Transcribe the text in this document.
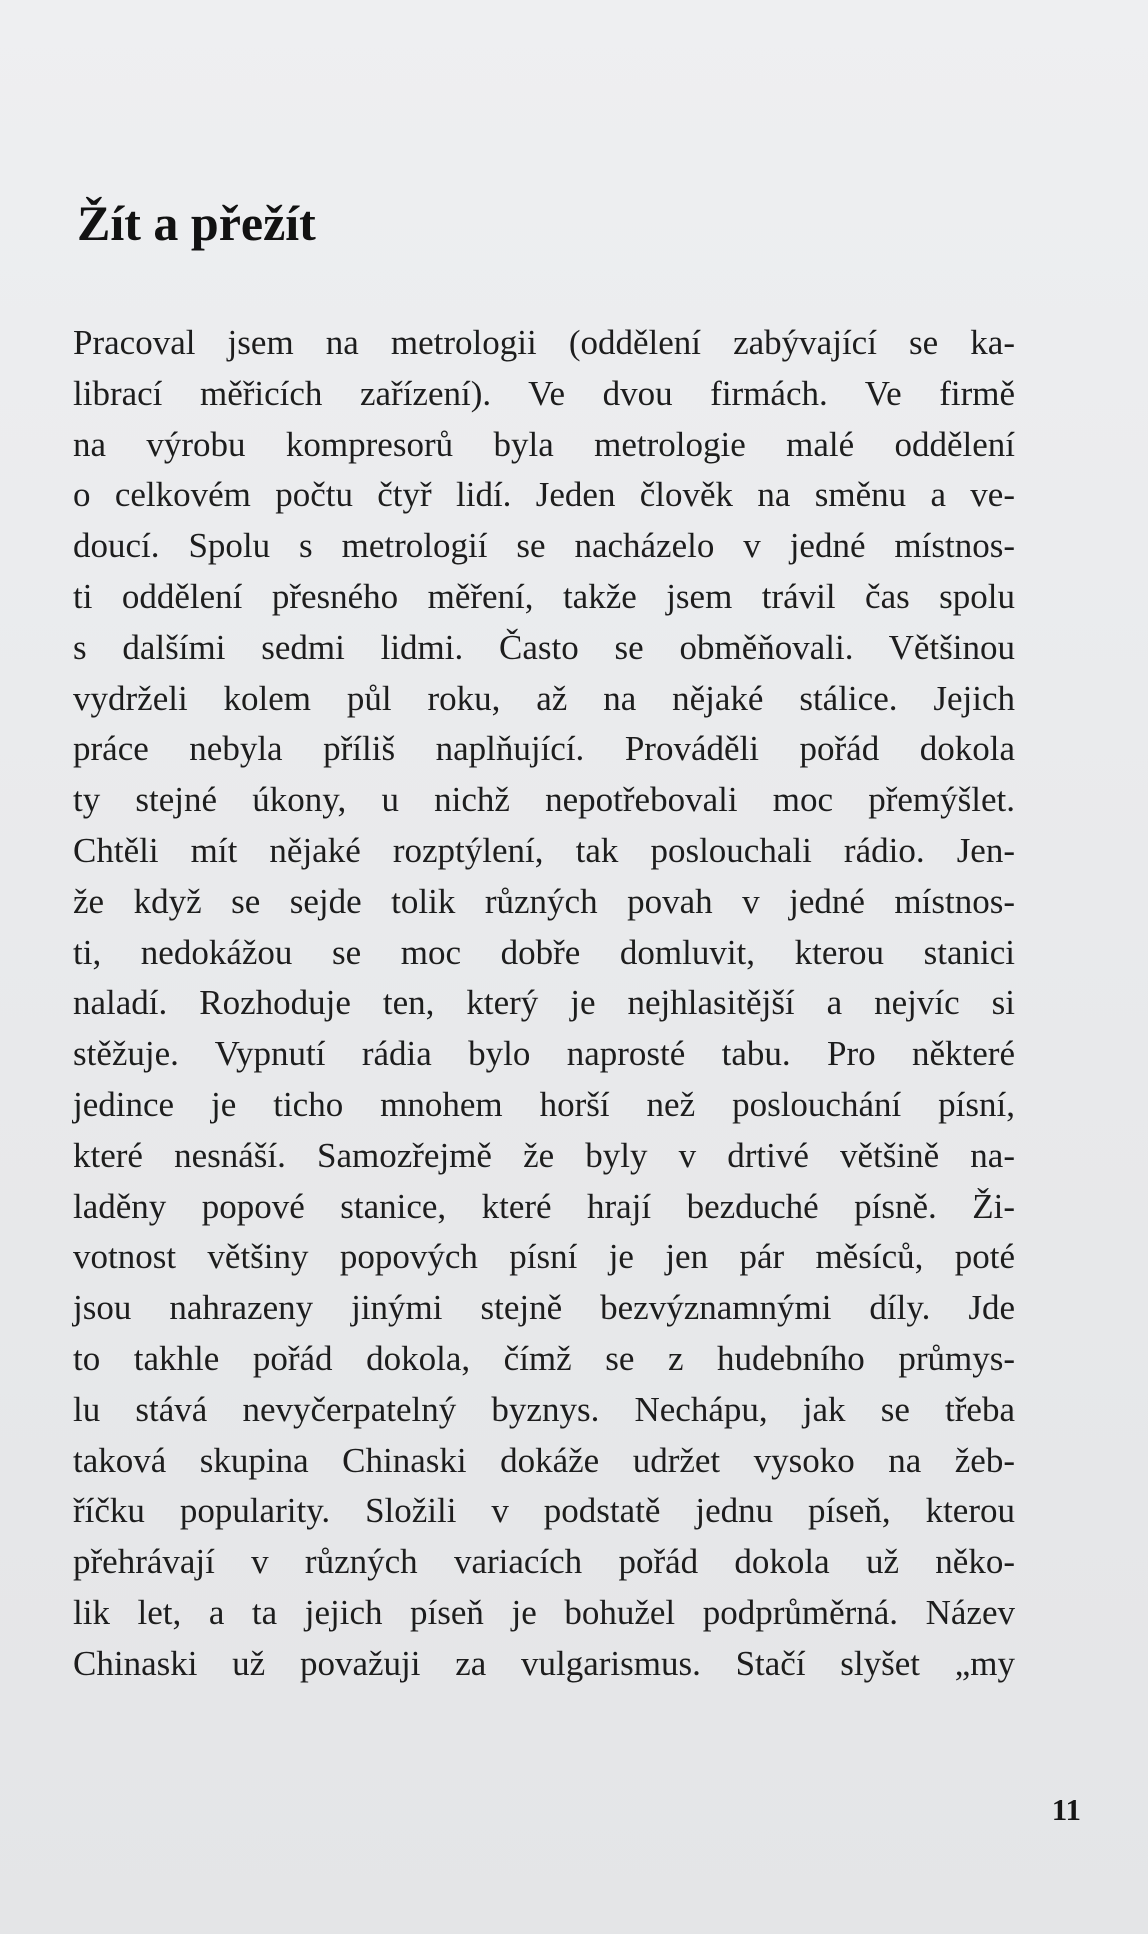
Žít a přežít
Pracoval jsem na metrologii (oddělení zabývající se ka-
librací měřicích zařízení). Ve dvou firmách. Ve firmě
na výrobu kompresorů byla metrologie malé oddělení
o celkovém počtu čtyř lidí. Jeden člověk na směnu a ve-
doucí. Spolu s metrologií se nacházelo v jedné místnos-
ti oddělení přesného měření, takže jsem trávil čas spolu
s dalšími sedmi lidmi. Často se obměňovali. Většinou
vydrželi kolem půl roku, až na nějaké stálice. Jejich
práce nebyla příliš naplňující. Prováděli pořád dokola
ty stejné úkony, u nichž nepotřebovali moc přemýšlet.
Chtěli mít nějaké rozptýlení, tak poslouchali rádio. Jen-
že když se sejde tolik různých povah v jedné místnos-
ti, nedokážou se moc dobře domluvit, kterou stanici
naladí. Rozhoduje ten, který je nejhlasitější a nejvíc si
stěžuje. Vypnutí rádia bylo naprosté tabu. Pro některé
jedince je ticho mnohem horší než poslouchání písní,
které nesnáší. Samozřejmě že byly v drtivé většině na-
laděny popové stanice, které hrají bezduché písně. Ži-
votnost většiny popových písní je jen pár měsíců, poté
jsou nahrazeny jinými stejně bezvýznamnými díly. Jde
to takhle pořád dokola, čímž se z hudebního průmys-
lu stává nevyčerpatelný byznys. Nechápu, jak se třeba
taková skupina Chinaski dokáže udržet vysoko na žeb-
říčku popularity. Složili v podstatě jednu píseň, kterou
přehrávají v různých variacích pořád dokola už něko-
lik let, a ta jejich píseň je bohužel podprůměrná. Název
Chinaski už považuji za vulgarismus. Stačí slyšet „my
11
